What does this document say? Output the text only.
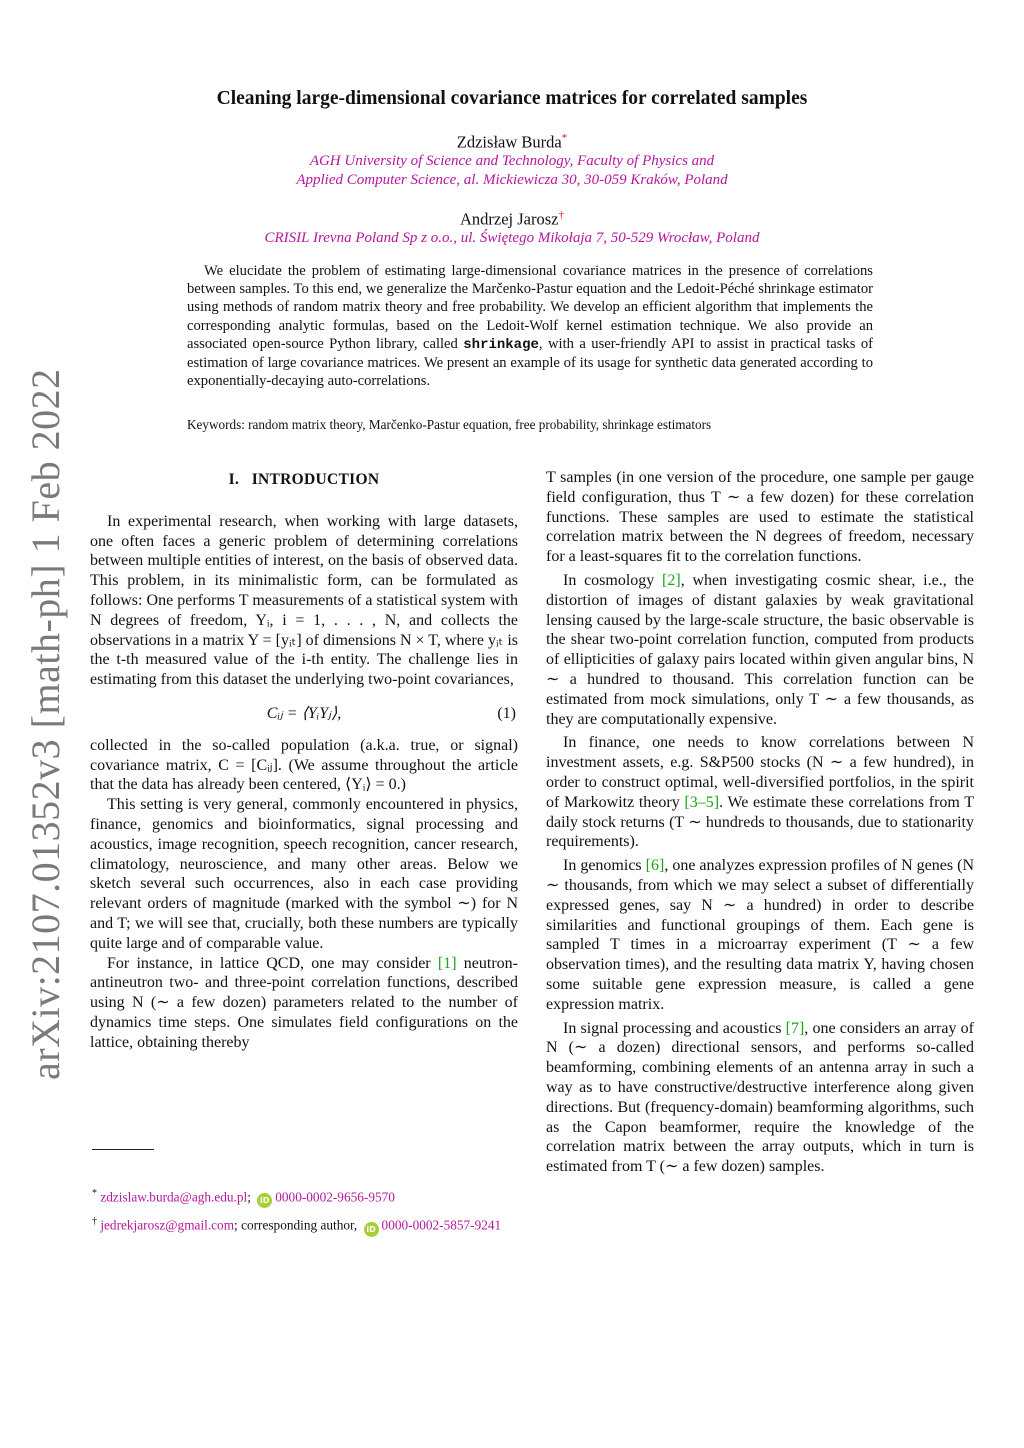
arXiv:2107.01352v3 [math-ph] 1 Feb 2022
Cleaning large-dimensional covariance matrices for correlated samples
Zdzisław Burda*
AGH University of Science and Technology, Faculty of Physics and
Applied Computer Science, al. Mickiewicza 30, 30-059 Kraków, Poland
Andrzej Jarosz†
CRISIL Irevna Poland Sp z o.o., ul. Świętego Mikołaja 7, 50-529 Wrocław, Poland
We elucidate the problem of estimating large-dimensional covariance matrices in the presence of correlations between samples. To this end, we generalize the Marčenko-Pastur equation and the Ledoit-Péché shrinkage estimator using methods of random matrix theory and free probability. We develop an efficient algorithm that implements the corresponding analytic formulas, based on the Ledoit-Wolf kernel estimation technique. We also provide an associated open-source Python library, called shrinkage, with a user-friendly API to assist in practical tasks of estimation of large covariance matrices. We present an example of its usage for synthetic data generated according to exponentially-decaying auto-correlations.
Keywords: random matrix theory, Marčenko-Pastur equation, free probability, shrinkage estimators
I. INTRODUCTION

In experimental research, when working with large datasets, one often faces a generic problem of determining correlations between multiple entities of interest, on the basis of observed data. This problem, in its minimalistic form, can be formulated as follows: One performs T measurements of a statistical system with N degrees of freedom, Yᵢ, i = 1, . . . , N, and collects the observations in a matrix Y = [yᵢₜ] of dimensions N × T, where yᵢₜ is the t-th measured value of the i-th entity. The challenge lies in estimating from this dataset the underlying two-point covariances,

Cᵢⱼ = ⟨YᵢYⱼ⟩,	(1)

collected in the so-called population (a.k.a. true, or signal) covariance matrix, C = [Cᵢⱼ]. (We assume throughout the article that the data has already been centered, ⟨Yᵢ⟩ = 0.)

This setting is very general, commonly encountered in physics, finance, genomics and bioinformatics, signal processing and acoustics, image recognition, speech recognition, cancer research, climatology, neuroscience, and many other areas. Below we sketch several such occurrences, also in each case providing relevant orders of magnitude (marked with the symbol ∼) for N and T; we will see that, crucially, both these numbers are typically quite large and of comparable value.

For instance, in lattice QCD, one may consider [1] neutron-antineutron two- and three-point correlation functions, described using N (∼ a few dozen) parameters related to the number of dynamics time steps. One simulates field configurations on the lattice, obtaining thereby

T samples (in one version of the procedure, one sample per gauge field configuration, thus T ∼ a few dozen) for these correlation functions. These samples are used to estimate the statistical correlation matrix between the N degrees of freedom, necessary for a least-squares fit to the correlation functions.

In cosmology [2], when investigating cosmic shear, i.e., the distortion of images of distant galaxies by weak gravitational lensing caused by the large-scale structure, the basic observable is the shear two-point correlation function, computed from products of ellipticities of galaxy pairs located within given angular bins, N ∼ a hundred to thousand. This correlation function can be estimated from mock simulations, only T ∼ a few thousands, as they are computationally expensive.

In finance, one needs to know correlations between N investment assets, e.g. S&P500 stocks (N ∼ a few hundred), in order to construct optimal, well-diversified portfolios, in the spirit of Markowitz theory [3–5]. We estimate these correlations from T daily stock returns (T ∼ hundreds to thousands, due to stationarity requirements).

In genomics [6], one analyzes expression profiles of N genes (N ∼ thousands, from which we may select a subset of differentially expressed genes, say N ∼ a hundred) in order to describe similarities and functional groupings of them. Each gene is sampled T times in a microarray experiment (T ∼ a few observation times), and the resulting data matrix Y, having chosen some suitable gene expression measure, is called a gene expression matrix.

In signal processing and acoustics [7], one considers an array of N (∼ a dozen) directional sensors, and performs so-called beamforming, combining elements of an antenna array in such a way as to have constructive/destructive interference along given directions. But (frequency-domain) beamforming algorithms, such as the Capon beamformer, require the knowledge of the correlation matrix between the array outputs, which in turn is estimated from T (∼ a few dozen) samples.

* zdzislaw.burda@agh.edu.pl; iD 0000-0002-9656-9570
† jedrekjarosz@gmail.com; corresponding author, iD 0000-0002-5857-9241
